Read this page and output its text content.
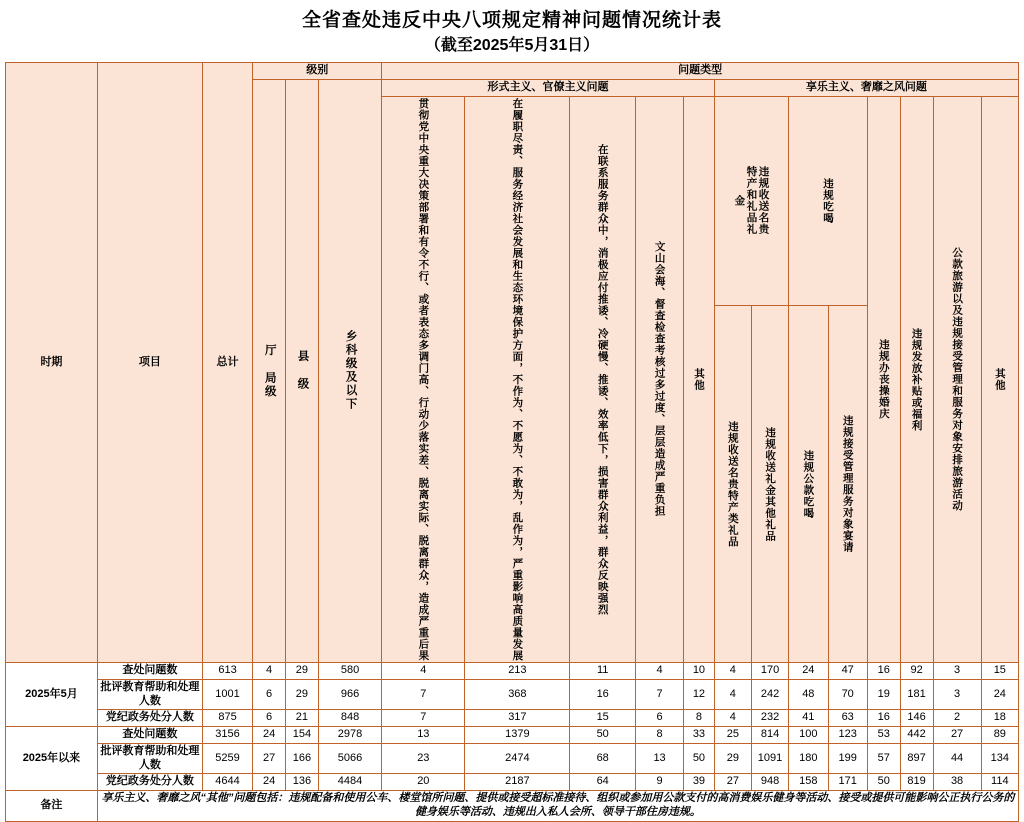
全省查处违反中央八项规定精神问题情况统计表
（截至2025年5月31日）
时期	项目	总计	级别			问题类型												

			厅 局级	县 级	乡科级及以下	形式主义、官僚主义问题					享乐主义、奢靡之风问题							

						贯彻党中央重大决策部署和有令不行、或者表态多调门高、行动少落实差、脱离实际、脱离群众，造成严重后果	在履职尽责、服务经济社会发展和生态环境保护方面，不作为、不愿为、不敢为，乱作为，严重影响高质量发展	在联系服务群众中，消极应付推诿、冷硬慢、推诿、效率低下，损害群众利益，群众反映强烈	文山会海、督查检查考核过多过度、层层造成严重负担	其他	违规收送名贵特产和礼品礼金		违规吃喝		违规办丧操婚庆	违规发放补贴或福利	公款旅游以及违规接受管理和服务对象安排旅游活动	其他

											违规收送名贵特产类礼品	违规收送礼金其他礼品	违规公款吃喝	违规接受管理服务对象宴请				

2025年5月	查处问题数	613	4	29	580	4	213	11	4	10	4	170	24	47	16	92	3	15
	批评教育帮助和处理人数	1001	6	29	966	7	368	16	7	12	4	242	48	70	19	181	3	24
	党纪政务处分人数	875	6	21	848	7	317	15	6	8	4	232	41	63	16	146	2	18
2025年以来	查处问题数	3156	24	154	2978	13	1379	50	8	33	25	814	100	123	53	442	27	89
	批评教育帮助和处理人数	5259	27	166	5066	23	2474	68	13	50	29	1091	180	199	57	897	44	134
	党纪政务处分人数	4644	24	136	4484	20	2187	64	9	39	27	948	158	171	50	819	38	114
备注	享乐主义、奢靡之风“其他”问题包括：违规配备和使用公车、楼堂馆所问题、提供或接受超标准接待、组织或参加用公款支付的高消费娱乐健身等活动、接受或提供可能影响公正执行公务的健身娱乐等活动、违规出入私人会所、领导干部住房违规。																	
